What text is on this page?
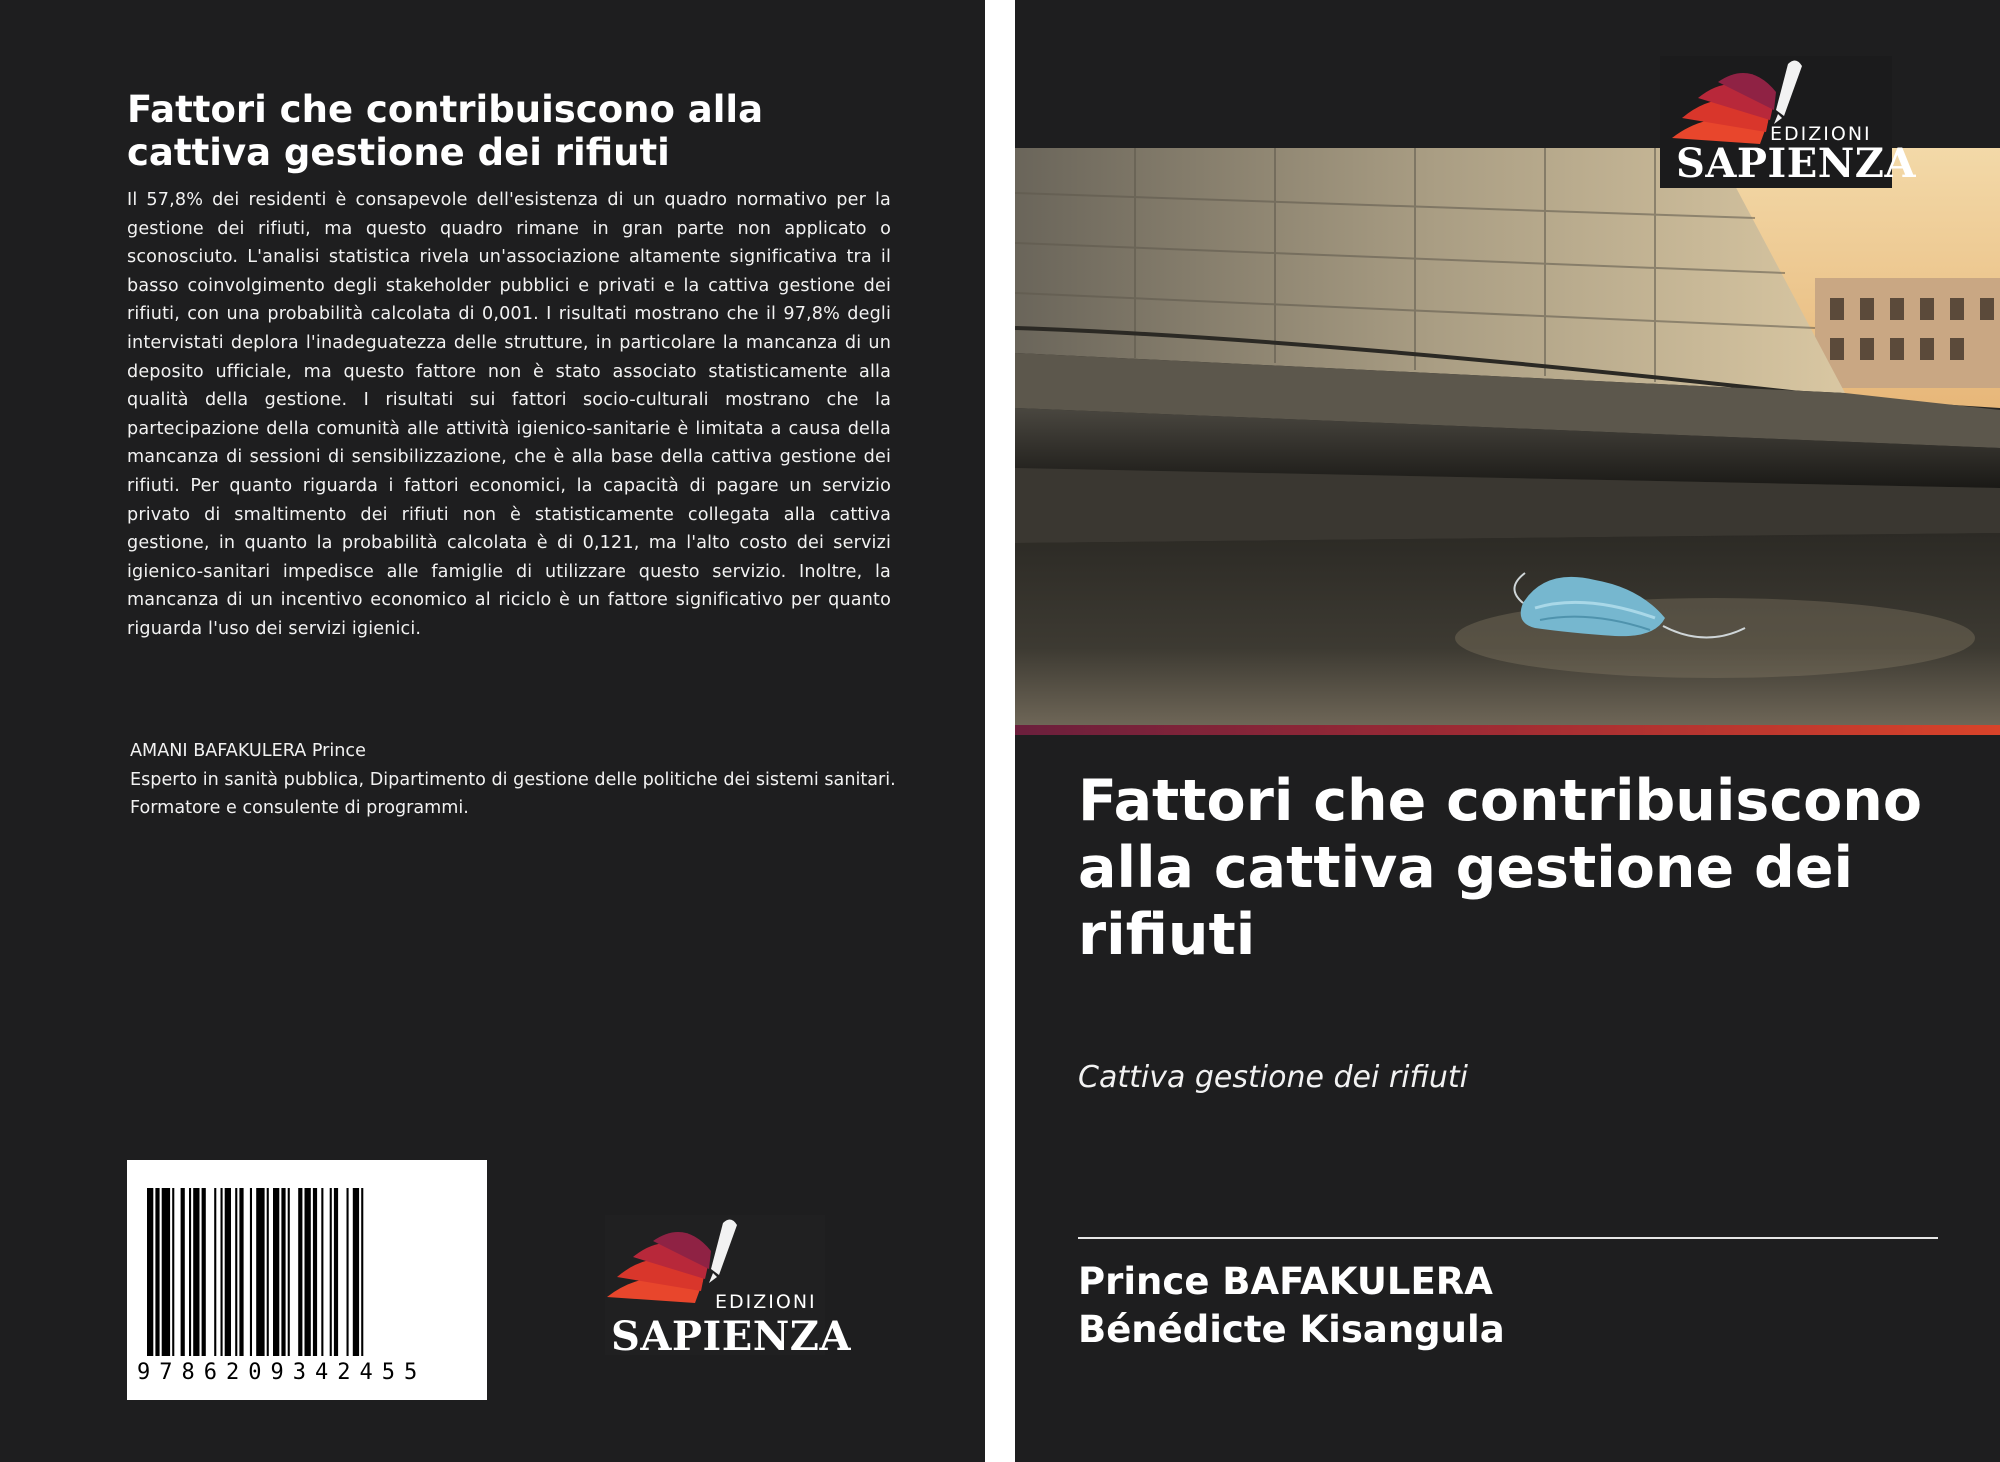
Fattori che contribuiscono alla cattiva gestione dei rifiuti

Il 57,8% dei residenti è consapevole dell'esistenza di un quadro normativo per la gestione dei rifiuti, ma questo quadro rimane in gran parte non applicato o sconosciuto. L'analisi statistica rivela un'associazione altamente significativa tra il basso coinvolgimento degli stakeholder pubblici e privati e la cattiva gestione dei rifiuti, con una probabilità calcolata di 0,001. I risultati mostrano che il 97,8% degli intervistati deplora l'inadeguatezza delle strutture, in particolare la mancanza di un deposito ufficiale, ma questo fattore non è stato associato statisticamente alla qualità della gestione. I risultati sui fattori socio-culturali mostrano che la partecipazione della comunità alle attività igienico-sanitarie è limitata a causa della mancanza di sessioni di sensibilizzazione, che è alla base della cattiva gestione dei rifiuti. Per quanto riguarda i fattori economici, la capacità di pagare un servizio privato di smaltimento dei rifiuti non è statisticamente collegata alla cattiva gestione, in quanto la probabilità calcolata è di 0,121, ma l'alto costo dei servizi igienico-sanitari impedisce alle famiglie di utilizzare questo servizio. Inoltre, la mancanza di un incentivo economico al riciclo è un fattore significativo per quanto riguarda l'uso dei servizi igienici.

AMANI BAFAKULERA Prince
Esperto in sanità pubblica, Dipartimento di gestione delle politiche dei sistemi sanitari.
Formatore e consulente di programmi.
9786209342455
EDIZIONI
SAPIENZA
EDIZIONI
SAPIENZA
Fattori che contribuiscono alla cattiva gestione dei rifiuti

Cattiva gestione dei rifiuti

Prince BAFAKULERA
Bénédicte Kisangula
